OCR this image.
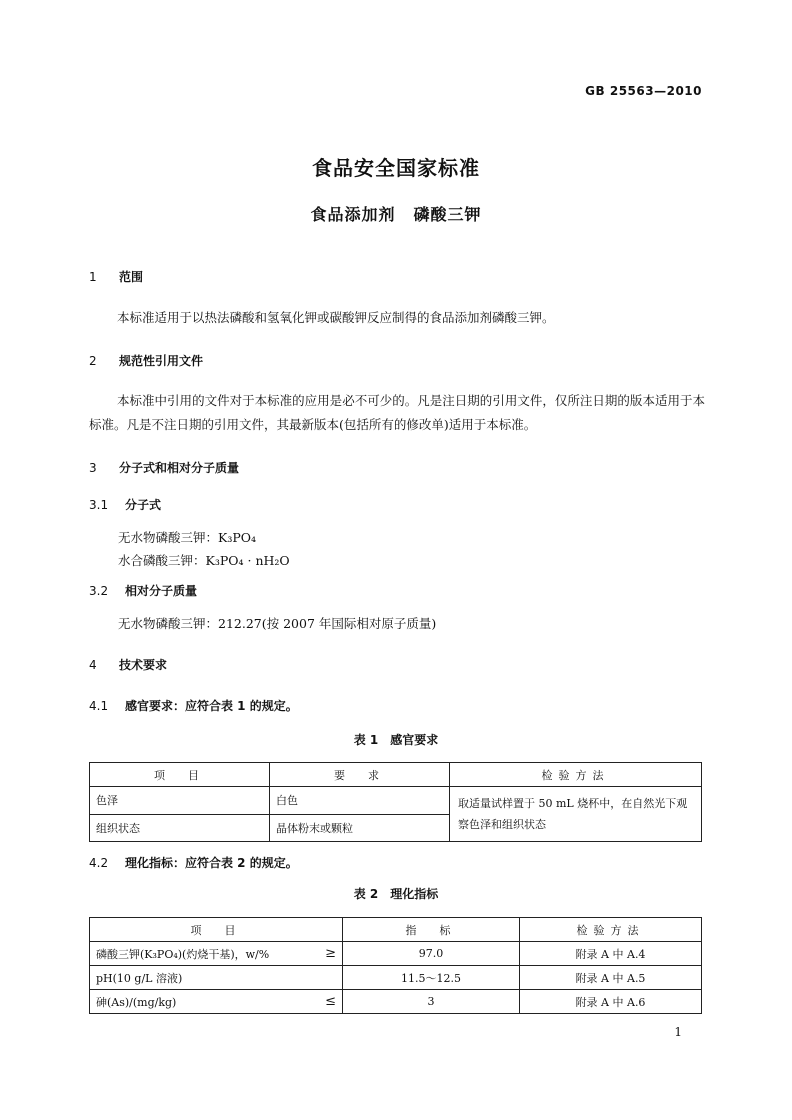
GB 25563—2010
食品安全国家标准
食品添加剂 磷酸三钾
1 范围
本标准适用于以热法磷酸和氢氧化钾或碳酸钾反应制得的食品添加剂磷酸三钾。
2 规范性引用文件
本标准中引用的文件对于本标准的应用是必不可少的。凡是注日期的引用文件，仅所注日期的版本适用于本标准。凡是不注日期的引用文件，其最新版本(包括所有的修改单)适用于本标准。
3 分子式和相对分子质量
3.1 分子式
无水物磷酸三钾：K₃PO₄
水合磷酸三钾：K₃PO₄ · nH₂O
3.2 相对分子质量
无水物磷酸三钾：212.27(按 2007 年国际相对原子质量)
4 技术要求
4.1 感官要求：应符合表 1 的规定。
表 1　感官要求
项　目	要　求	检验方法
色泽	白色	取适量试样置于 50 mL 烧杯中，在自然光下观察色泽和组织状态
组织状态	晶体粉末或颗粒	
4.2 理化指标：应符合表 2 的规定。
表 2　理化指标
项　目	指　标	检验方法
磷酸三钾(K₃PO₄)(灼烧干基)，w/% ≥	97.0	附录 A 中 A.4
pH(10 g/L 溶液)	11.5～12.5	附录 A 中 A.5
砷(As)/(mg/kg) ≤	3	附录 A 中 A.6
1
